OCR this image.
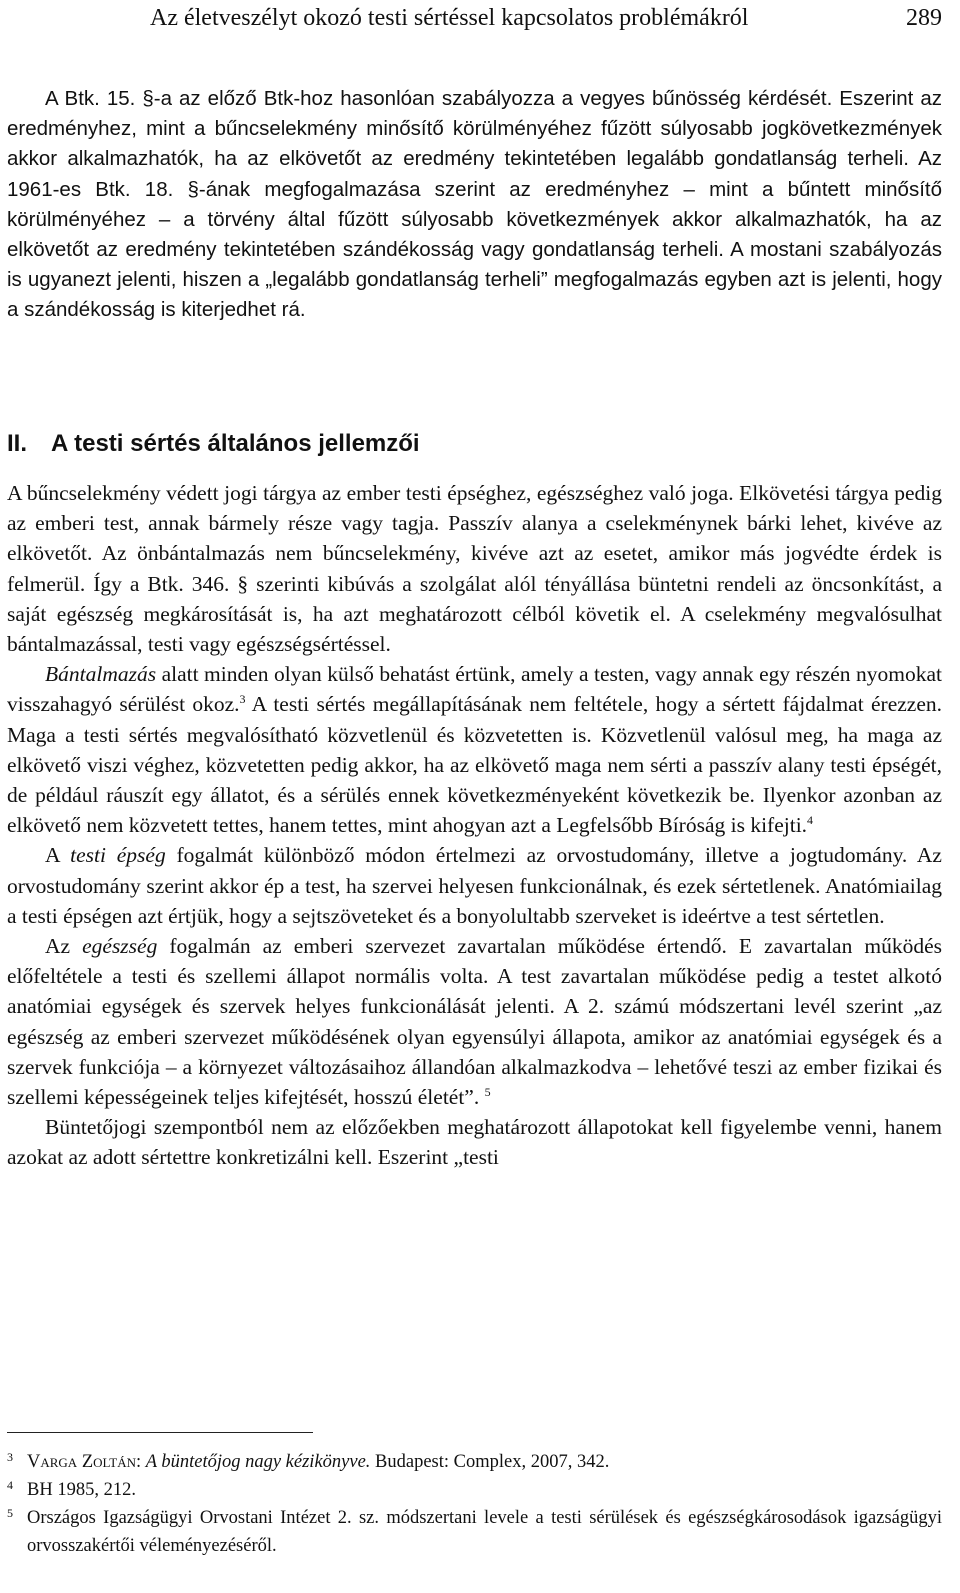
Az életveszélyt okozó testi sértéssel kapcsolatos problémákról	289

A Btk. 15. §-a az előző Btk-hoz hasonlóan szabályozza a vegyes bűnösség kérdését. Eszerint az eredményhez, mint a bűncselekmény minősítő körülményéhez fűzött súlyosabb jogkövetkezmények akkor alkalmazhatók, ha az elkövetőt az eredmény tekintetében legalább gondatlanság terheli. Az 1961-es Btk. 18. §-ának megfogalmazása szerint az eredményhez – mint a bűntett minősítő körülményéhez – a törvény által fűzött súlyosabb következmények akkor alkalmazhatók, ha az elkövetőt az eredmény tekintetében szándékosság vagy gondatlanság terheli. A mostani szabályozás is ugyanezt jelenti, hiszen a „legalább gondatlanság terheli” megfogalmazás egyben azt is jelenti, hogy a szándékosság is kiterjedhet rá.

II. A testi sértés általános jellemzői

A bűncselekmény védett jogi tárgya az ember testi épséghez, egészséghez való joga. Elkövetési tárgya pedig az emberi test, annak bármely része vagy tagja. Passzív alanya a cselekménynek bárki lehet, kivéve az elkövetőt. Az önbántalmazás nem bűncselekmény, kivéve azt az esetet, amikor más jogvédte érdek is felmerül. Így a Btk. 346. § szerinti kibúvás a szolgálat alól tényállása büntetni rendeli az öncsonkítást, a saját egészség megkárosítását is, ha azt meghatározott célból követik el. A cselekmény megvalósulhat bántalmazással, testi vagy egészségsértéssel.

Bántalmazás alatt minden olyan külső behatást értünk, amely a testen, vagy annak egy részén nyomokat visszahagyó sérülést okoz.$^3$ A testi sértés megállapításának nem feltétele, hogy a sértett fájdalmat érezzen. Maga a testi sértés megvalósítható közvetlenül és közvetetten is. Közvetlenül valósul meg, ha maga az elkövető viszi véghez, közvetetten pedig akkor, ha az elkövető maga nem sérti a passzív alany testi épségét, de például ráuszít egy állatot, és a sérülés ennek következményeként következik be. Ilyenkor azonban az elkövető nem közvetett tettes, hanem tettes, mint ahogyan azt a Legfelsőbb Bíróság is kifejti.$^4$

A testi épség fogalmát különböző módon értelmezi az orvostudomány, illetve a jogtudomány. Az orvostudomány szerint akkor ép a test, ha szervei helyesen funkcionálnak, és ezek sértetlenek. Anatómiailag a testi épségen azt értjük, hogy a sejtszöveteket és a bonyolultabb szerveket is ideértve a test sértetlen.

Az egészség fogalmán az emberi szervezet zavartalan működése értendő. E zavartalan működés előfeltétele a testi és szellemi állapot normális volta. A test zavartalan működése pedig a testet alkotó anatómiai egységek és szervek helyes funkcionálását jelenti. A 2. számú módszertani levél szerint „az egészség az emberi szervezet működésének olyan egyensúlyi állapota, amikor az anatómiai egységek és a szervek funkciója – a környezet változásaihoz állandóan alkalmazkodva – lehetővé teszi az ember fizikai és szellemi képességeinek teljes kifejtését, hosszú életét”. $^5$

Büntetőjogi szempontból nem az előzőekben meghatározott állapotokat kell figyelembe venni, hanem azokat az adott sértettre konkretizálni kell. Eszerint „testi

3 Varga Zoltán: A büntetőjog nagy kézikönyve. Budapest: Complex, 2007, 342.
4 BH 1985, 212.
5 Országos Igazságügyi Orvostani Intézet 2. sz. módszertani levele a testi sérülések és egészségkárosodások igazságügyi orvosszakértői véleményezéséről.
